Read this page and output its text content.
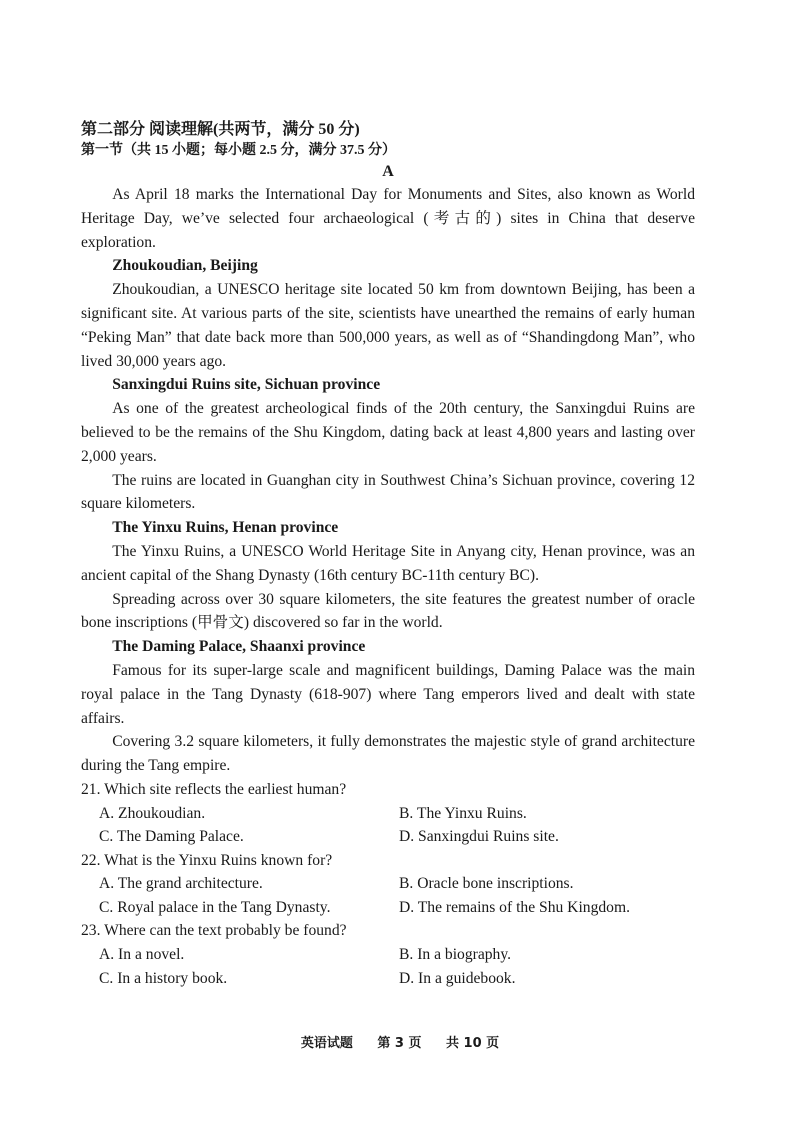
第二部分 阅读理解(共两节，满分 50 分)

第一节（共 15 小题；每小题 2.5 分，满分 37.5 分）

A

As April 18 marks the International Day for Monuments and Sites, also known as World Heritage Day, we’ve selected four archaeological (考古的) sites in China that deserve exploration.

Zhoukoudian, Beijing

Zhoukoudian, a UNESCO heritage site located 50 km from downtown Beijing, has been a significant site. At various parts of the site, scientists have unearthed the remains of early human “Peking Man” that date back more than 500,000 years, as well as of “Shandingdong Man”, who lived 30,000 years ago.

Sanxingdui Ruins site, Sichuan province

As one of the greatest archeological finds of the 20th century, the Sanxingdui Ruins are believed to be the remains of the Shu Kingdom, dating back at least 4,800 years and lasting over 2,000 years.

The ruins are located in Guanghan city in Southwest China’s Sichuan province, covering 12 square kilometers.

The Yinxu Ruins, Henan province

The Yinxu Ruins, a UNESCO World Heritage Site in Anyang city, Henan province, was an ancient capital of the Shang Dynasty (16th century BC-11th century BC).

Spreading across over 30 square kilometers, the site features the greatest number of oracle bone inscriptions (甲骨文) discovered so far in the world.

The Daming Palace, Shaanxi province

Famous for its super-large scale and magnificent buildings, Daming Palace was the main royal palace in the Tang Dynasty (618-907) where Tang emperors lived and dealt with state affairs.

Covering 3.2 square kilometers, it fully demonstrates the majestic style of grand architecture during the Tang empire.

21. Which site reflects the earliest human?

A. Zhoukoudian.	B. The Yinxu Ruins.
C. The Daming Palace.	D. Sanxingdui Ruins site.

22. What is the Yinxu Ruins known for?

A. The grand architecture.	B. Oracle bone inscriptions.
C. Royal palace in the Tang Dynasty.	D. The remains of the Shu Kingdom.

23. Where can the text probably be found?

A. In a novel.	B. In a biography.
C. In a history book.	D. In a guidebook.
英语试题 第 3 页 共 10 页
